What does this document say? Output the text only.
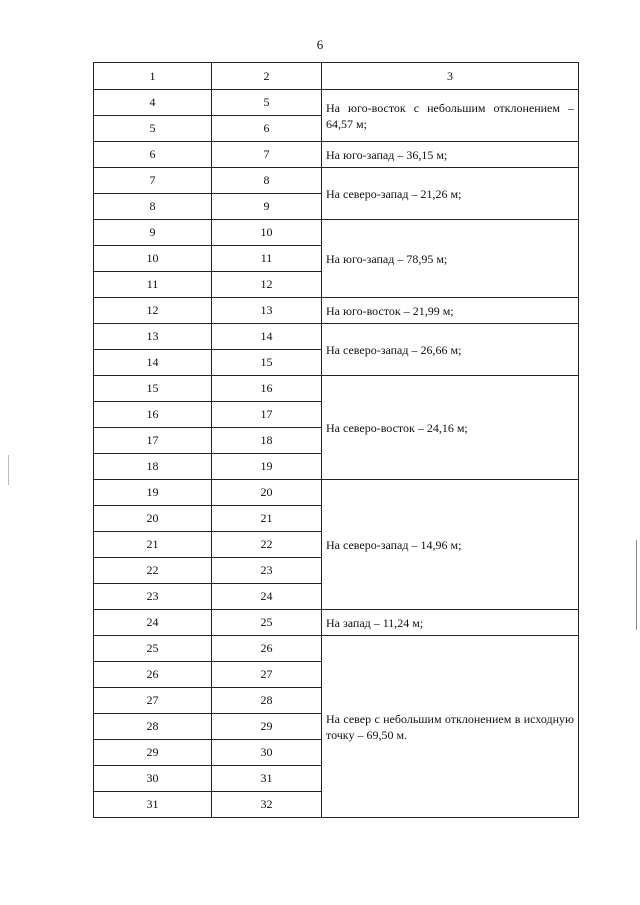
6
1	2	3
4	5	На юго-восток с небольшим отклонением – 64,57 м;
5	6	
6	7	На юго-запад – 36,15 м;
7	8	На северо-запад – 21,26 м;
8	9	
9	10	На юго-запад – 78,95 м;
10	11	
11	12	
12	13	На юго-восток – 21,99 м;
13	14	На северо-запад – 26,66 м;
14	15	
15	16	На северо-восток – 24,16 м;
16	17	
17	18	
18	19	
19	20	На северо-запад – 14,96 м;
20	21	
21	22	
22	23	
23	24	
24	25	На запад – 11,24 м;
25	26	На север с небольшим отклонением в исходную точку – 69,50 м.
26	27	
27	28	
28	29	
29	30	
30	31	
31	32	
